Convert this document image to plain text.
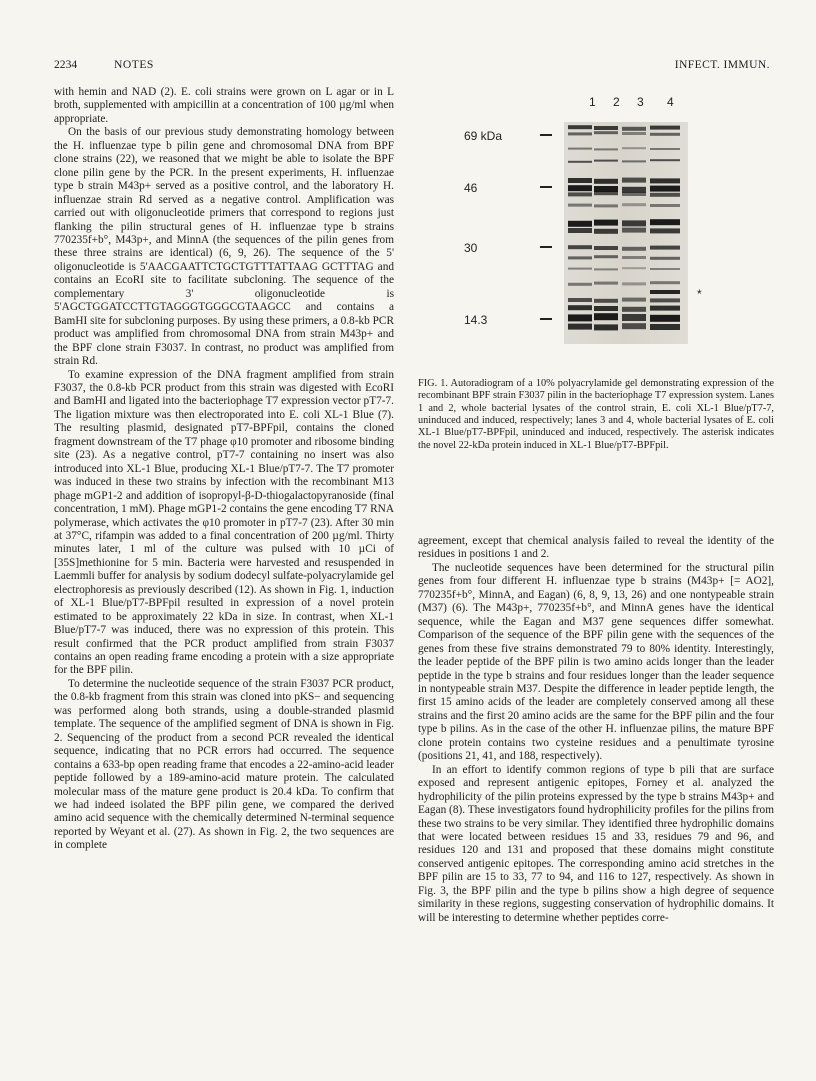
2234	NOTES	INFECT. IMMUN.

with hemin and NAD (2). E. coli strains were grown on L agar or in L broth, supplemented with ampicillin at a concentration of 100 µg/ml when appropriate.

On the basis of our previous study demonstrating homology between the H. influenzae type b pilin gene and chromosomal DNA from BPF clone strains (22), we reasoned that we might be able to isolate the BPF clone pilin gene by the PCR. In the present experiments, H. influenzae type b strain M43p+ served as a positive control, and the laboratory H. influenzae strain Rd served as a negative control. Amplification was carried out with oligonucleotide primers that correspond to regions just flanking the pilin structural genes of H. influenzae type b strains 770235f+b°, M43p+, and MinnA (the sequences of the pilin genes from these three strains are identical) (6, 9, 26). The sequence of the 5' oligonucleotide is 5'AACGAATTCTGCTGTTTATTAAG GCTTTAG and contains an EcoRI site to facilitate subcloning. The sequence of the complementary 3' oligonucleotide is 5'AGCTGGATCCTTGTAGGGTGGGCGTAAGCC and contains a BamHI site for subcloning purposes. By using these primers, a 0.8-kb PCR product was amplified from chromosomal DNA from strain M43p+ and the BPF clone strain F3037. In contrast, no product was amplified from strain Rd.

To examine expression of the DNA fragment amplified from strain F3037, the 0.8-kb PCR product from this strain was digested with EcoRI and BamHI and ligated into the bacteriophage T7 expression vector pT7-7. The ligation mixture was then electroporated into E. coli XL-1 Blue (7). The resulting plasmid, designated pT7-BPFpil, contains the cloned fragment downstream of the T7 phage φ10 promoter and ribosome binding site (23). As a negative control, pT7-7 containing no insert was also introduced into XL-1 Blue, producing XL-1 Blue/pT7-7. The T7 promoter was induced in these two strains by infection with the recombinant M13 phage mGP1-2 and addition of isopropyl-β-D-thiogalactopyranoside (final concentration, 1 mM). Phage mGP1-2 contains the gene encoding T7 RNA polymerase, which activates the φ10 promoter in pT7-7 (23). After 30 min at 37°C, rifampin was added to a final concentration of 200 µg/ml. Thirty minutes later, 1 ml of the culture was pulsed with 10 µCi of [35S]methionine for 5 min. Bacteria were harvested and resuspended in Laemmli buffer for analysis by sodium dodecyl sulfate-polyacrylamide gel electrophoresis as previously described (12). As shown in Fig. 1, induction of XL-1 Blue/pT7-BPFpil resulted in expression of a novel protein estimated to be approximately 22 kDa in size. In contrast, when XL-1 Blue/pT7-7 was induced, there was no expression of this protein. This result confirmed that the PCR product amplified from strain F3037 contains an open reading frame encoding a protein with a size appropriate for the BPF pilin.

To determine the nucleotide sequence of the strain F3037 PCR product, the 0.8-kb fragment from this strain was cloned into pKS− and sequencing was performed along both strands, using a double-stranded plasmid template. The sequence of the amplified segment of DNA is shown in Fig. 2. Sequencing of the product from a second PCR revealed the identical sequence, indicating that no PCR errors had occurred. The sequence contains a 633-bp open reading frame that encodes a 22-amino-acid leader peptide followed by a 189-amino-acid mature protein. The calculated molecular mass of the mature gene product is 20.4 kDa. To confirm that we had indeed isolated the BPF pilin gene, we compared the derived amino acid sequence with the chemically determined N-terminal sequence reported by Weyant et al. (27). As shown in Fig. 2, the two sequences are in complete

1 2 3 4
69 kDa
46
30
14.3
*
FIG. 1. Autoradiogram of a 10% polyacrylamide gel demonstrating expression of the recombinant BPF strain F3037 pilin in the bacteriophage T7 expression system. Lanes 1 and 2, whole bacterial lysates of the control strain, E. coli XL-1 Blue/pT7-7, uninduced and induced, respectively; lanes 3 and 4, whole bacterial lysates of E. coli XL-1 Blue/pT7-BPFpil, uninduced and induced, respectively. The asterisk indicates the novel 22-kDa protein induced in XL-1 Blue/pT7-BPFpil.

agreement, except that chemical analysis failed to reveal the identity of the residues in positions 1 and 2.

The nucleotide sequences have been determined for the structural pilin genes from four different H. influenzae type b strains (M43p+ [= AO2], 770235f+b°, MinnA, and Eagan) (6, 8, 9, 13, 26) and one nontypeable strain (M37) (6). The M43p+, 770235f+b°, and MinnA genes have the identical sequence, while the Eagan and M37 gene sequences differ somewhat. Comparison of the sequence of the BPF pilin gene with the sequences of the genes from these five strains demonstrated 79 to 80% identity. Interestingly, the leader peptide of the BPF pilin is two amino acids longer than the leader peptide in the type b strains and four residues longer than the leader sequence in nontypeable strain M37. Despite the difference in leader peptide length, the first 15 amino acids of the leader are completely conserved among all these strains and the first 20 amino acids are the same for the BPF pilin and the four type b pilins. As in the case of the other H. influenzae pilins, the mature BPF clone protein contains two cysteine residues and a penultimate tyrosine (positions 21, 41, and 188, respectively).

In an effort to identify common regions of type b pili that are surface exposed and represent antigenic epitopes, Forney et al. analyzed the hydrophilicity of the pilin proteins expressed by the type b strains M43p+ and Eagan (8). These investigators found hydrophilicity profiles for the pilins from these two strains to be very similar. They identified three hydrophilic domains that were located between residues 15 and 33, residues 79 and 96, and residues 120 and 131 and proposed that these domains might constitute conserved antigenic epitopes. The corresponding amino acid stretches in the BPF pilin are 15 to 33, 77 to 94, and 116 to 127, respectively. As shown in Fig. 3, the BPF pilin and the type b pilins show a high degree of sequence similarity in these regions, suggesting conservation of hydrophilic domains. It will be interesting to determine whether peptides corre-
